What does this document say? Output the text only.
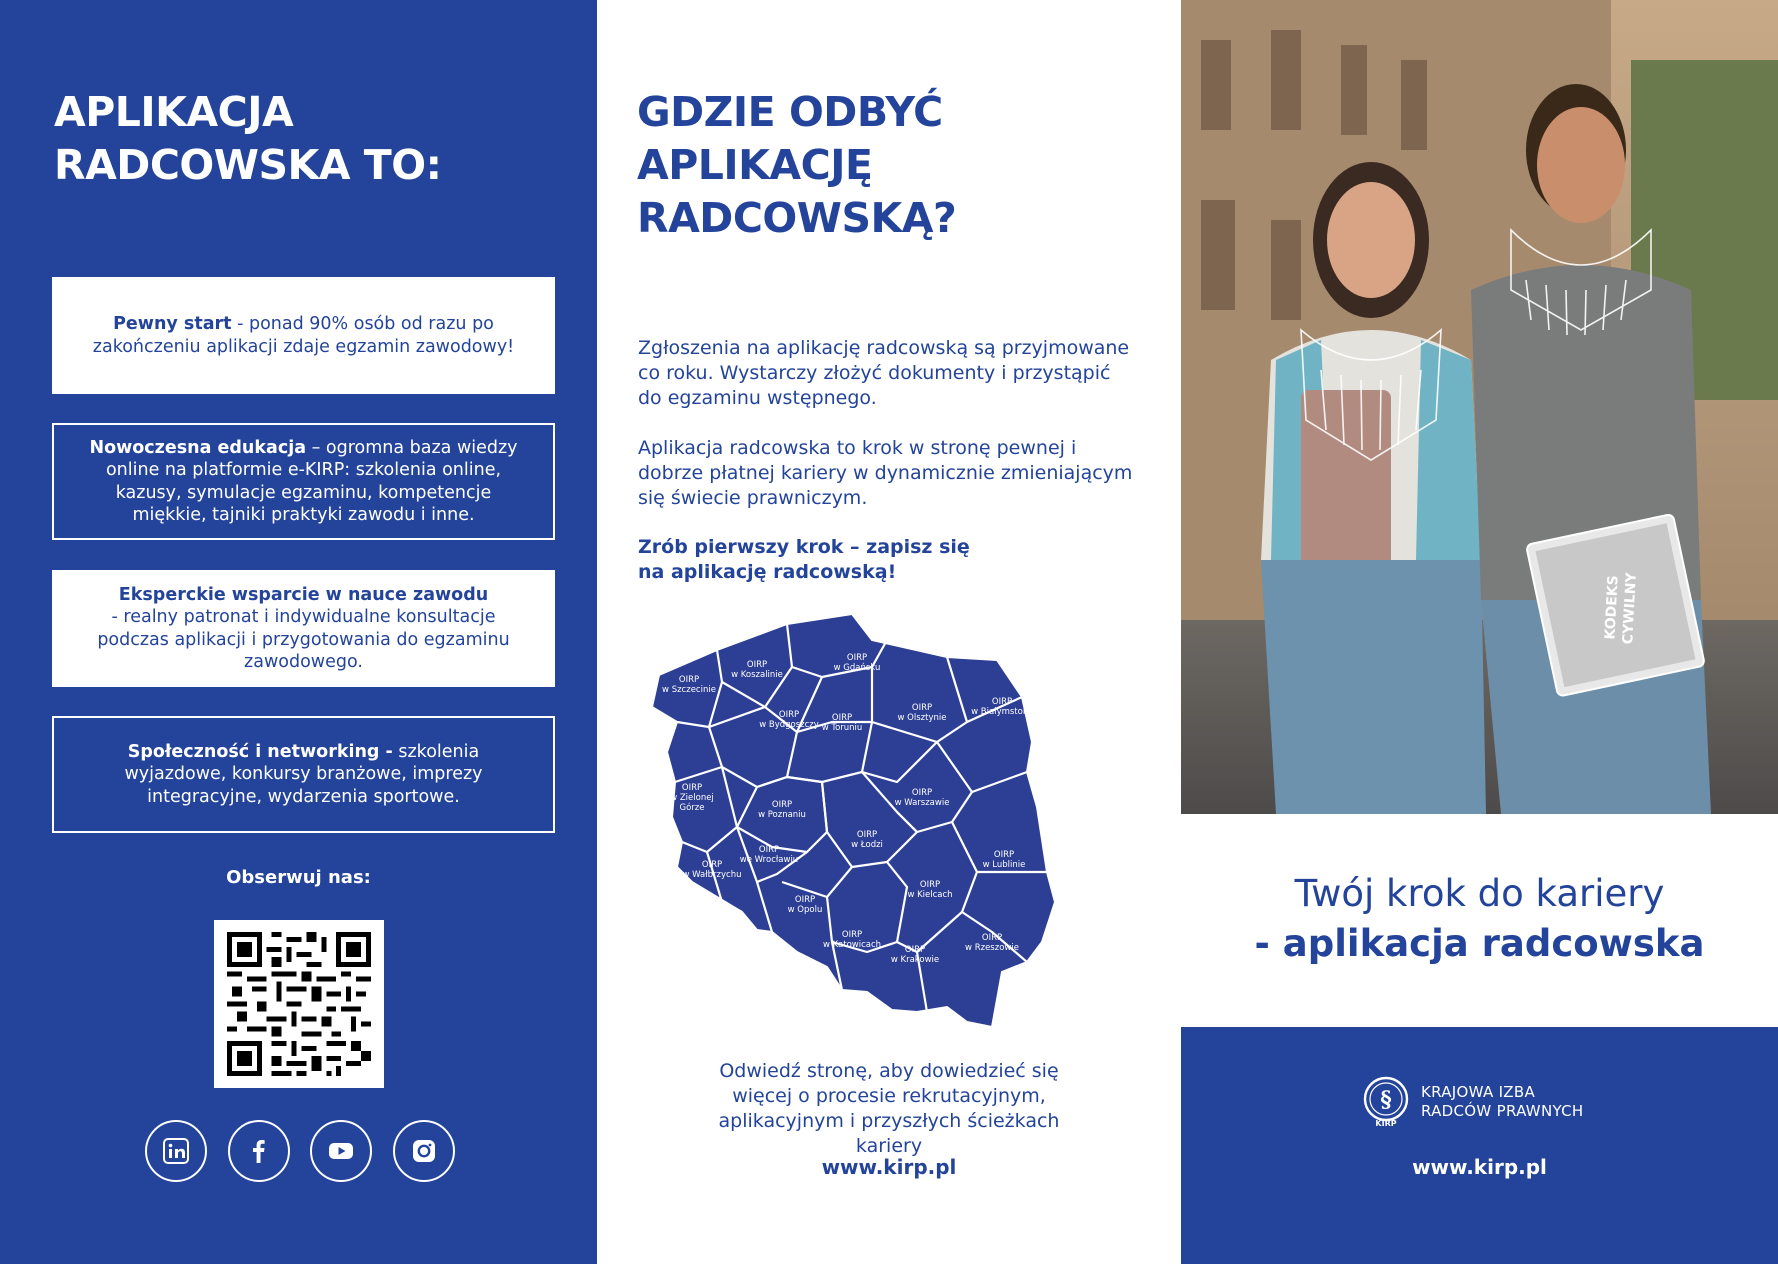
APLIKACJA RADCOWSKA TO:

Pewny start - ponad 90% osób od razu po zakończeniu aplikacji zdaje egzamin zawodowy!

Nowoczesna edukacja – ogromna baza wiedzy online na platformie e-KIRP: szkolenia online, kazusy, symulacje egzaminu, kompetencje miękkie, tajniki praktyki zawodu i inne.

Eksperckie wsparcie w nauce zawodu
- realny patronat i indywidualne konsultacje podczas aplikacji i przygotowania do egzaminu zawodowego.

Społeczność i networking - szkolenia wyjazdowe, konkursy branżowe, imprezy integracyjne, wydarzenia sportowe.

Obserwuj nas:
GDZIE ODBYĆ APLIKACJĘ RADCOWSKĄ?

Zgłoszenia na aplikację radcowską są przyjmowane co roku. Wystarczy złożyć dokumenty i przystąpić do egzaminu wstępnego.

Aplikacja radcowska to krok w stronę pewnej i dobrze płatnej kariery w dynamicznie zmieniającym się świecie prawniczym.

Zrób pierwszy krok – zapisz się na aplikację radcowską!

OIRP w Szczecinie
OIRP w Koszalinie
OIRP w Gdańsku
OIRP w Bydgoszczy
OIRP w Toruniu
OIRP w Olsztynie
OIRP w Białymstoku
OIRP w Zielonej Górze	OIRP w Poznaniu
OIRP w Warszawie
OIRP w Łodzi
OIRP w Wałbrzychu
OIRP we Wrocławiu	OIRP w Lublinie
OIRP w Kielcach
OIRP w Opolu
OIRP w Katowicach	OIRP w Krakowie
OIRP w Rzeszowie

Odwiedź stronę, aby dowiedzieć się więcej o procesie rekrutacyjnym, aplikacyjnym i przyszłych ścieżkach kariery

www.kirp.pl
KODEKSCYWILNY
Twój krok do kariery
- aplikacja radcowska
§
KIRP
KRAJOWA IZBA
RADCÓW PRAWNYCH
www.kirp.pl
